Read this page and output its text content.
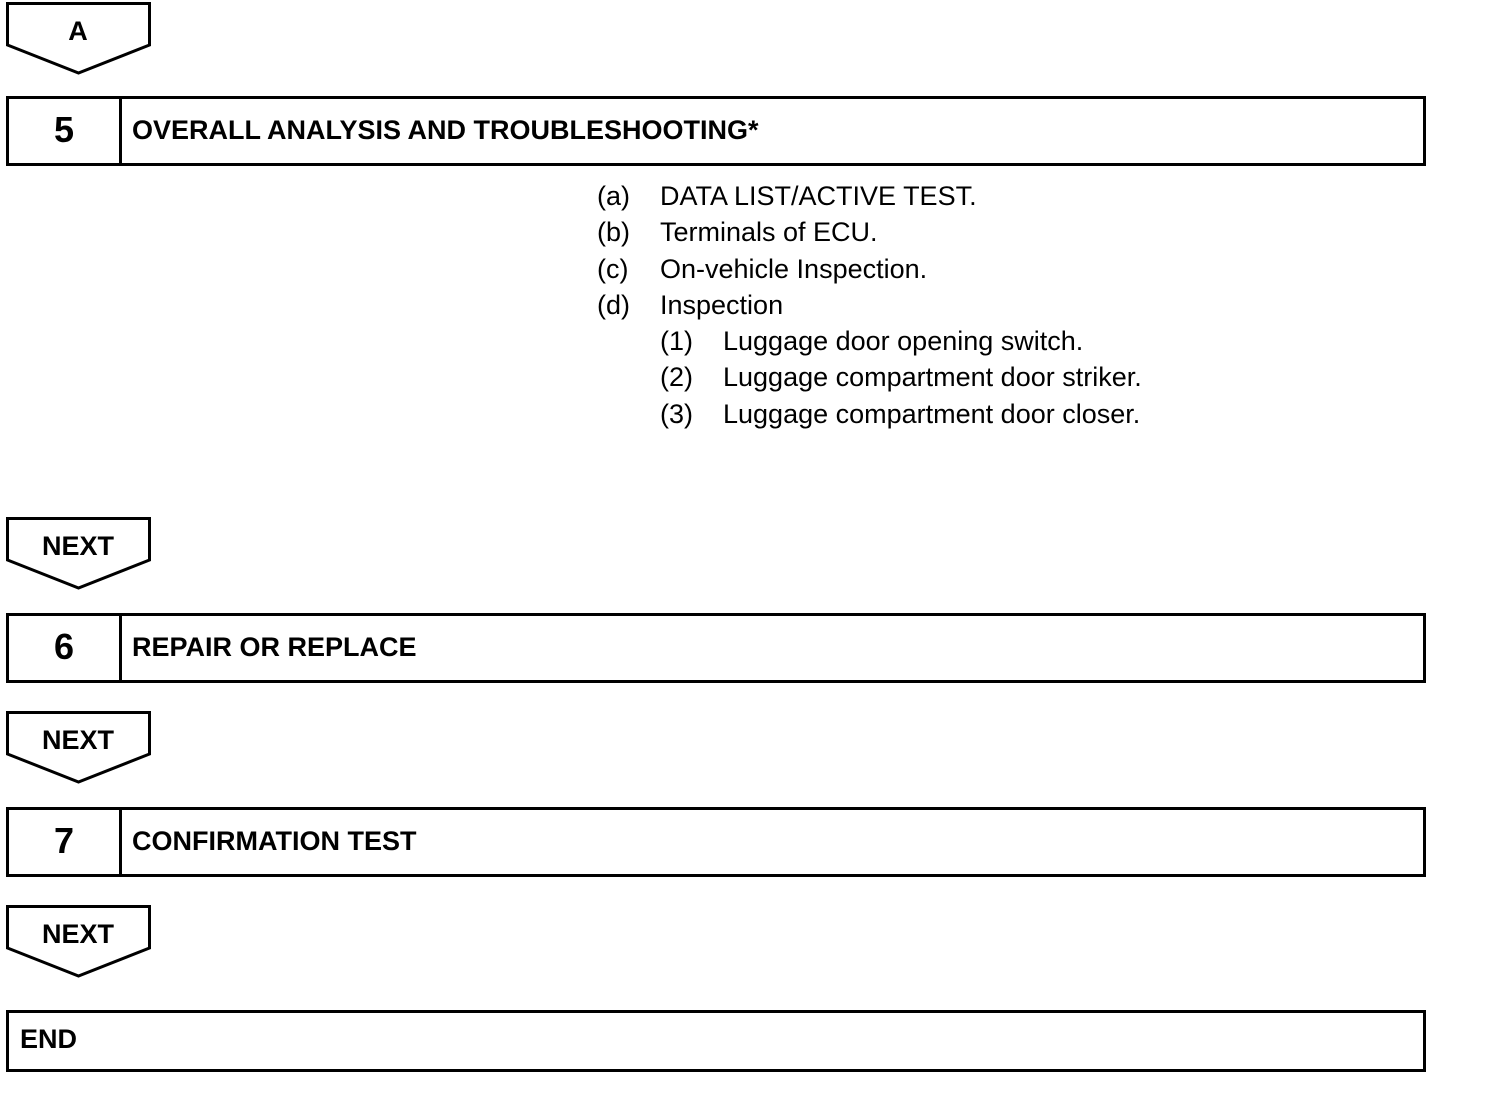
A
5	OVERALL ANALYSIS AND TROUBLESHOOTING*
(a) DATA LIST/ACTIVE TEST.
(b) Terminals of ECU.
(c) On-vehicle Inspection.
(d) Inspection
(1) Luggage door opening switch.
(2) Luggage compartment door striker.
(3) Luggage compartment door closer.
NEXT
6	REPAIR OR REPLACE
NEXT
7	CONFIRMATION TEST
NEXT
END
